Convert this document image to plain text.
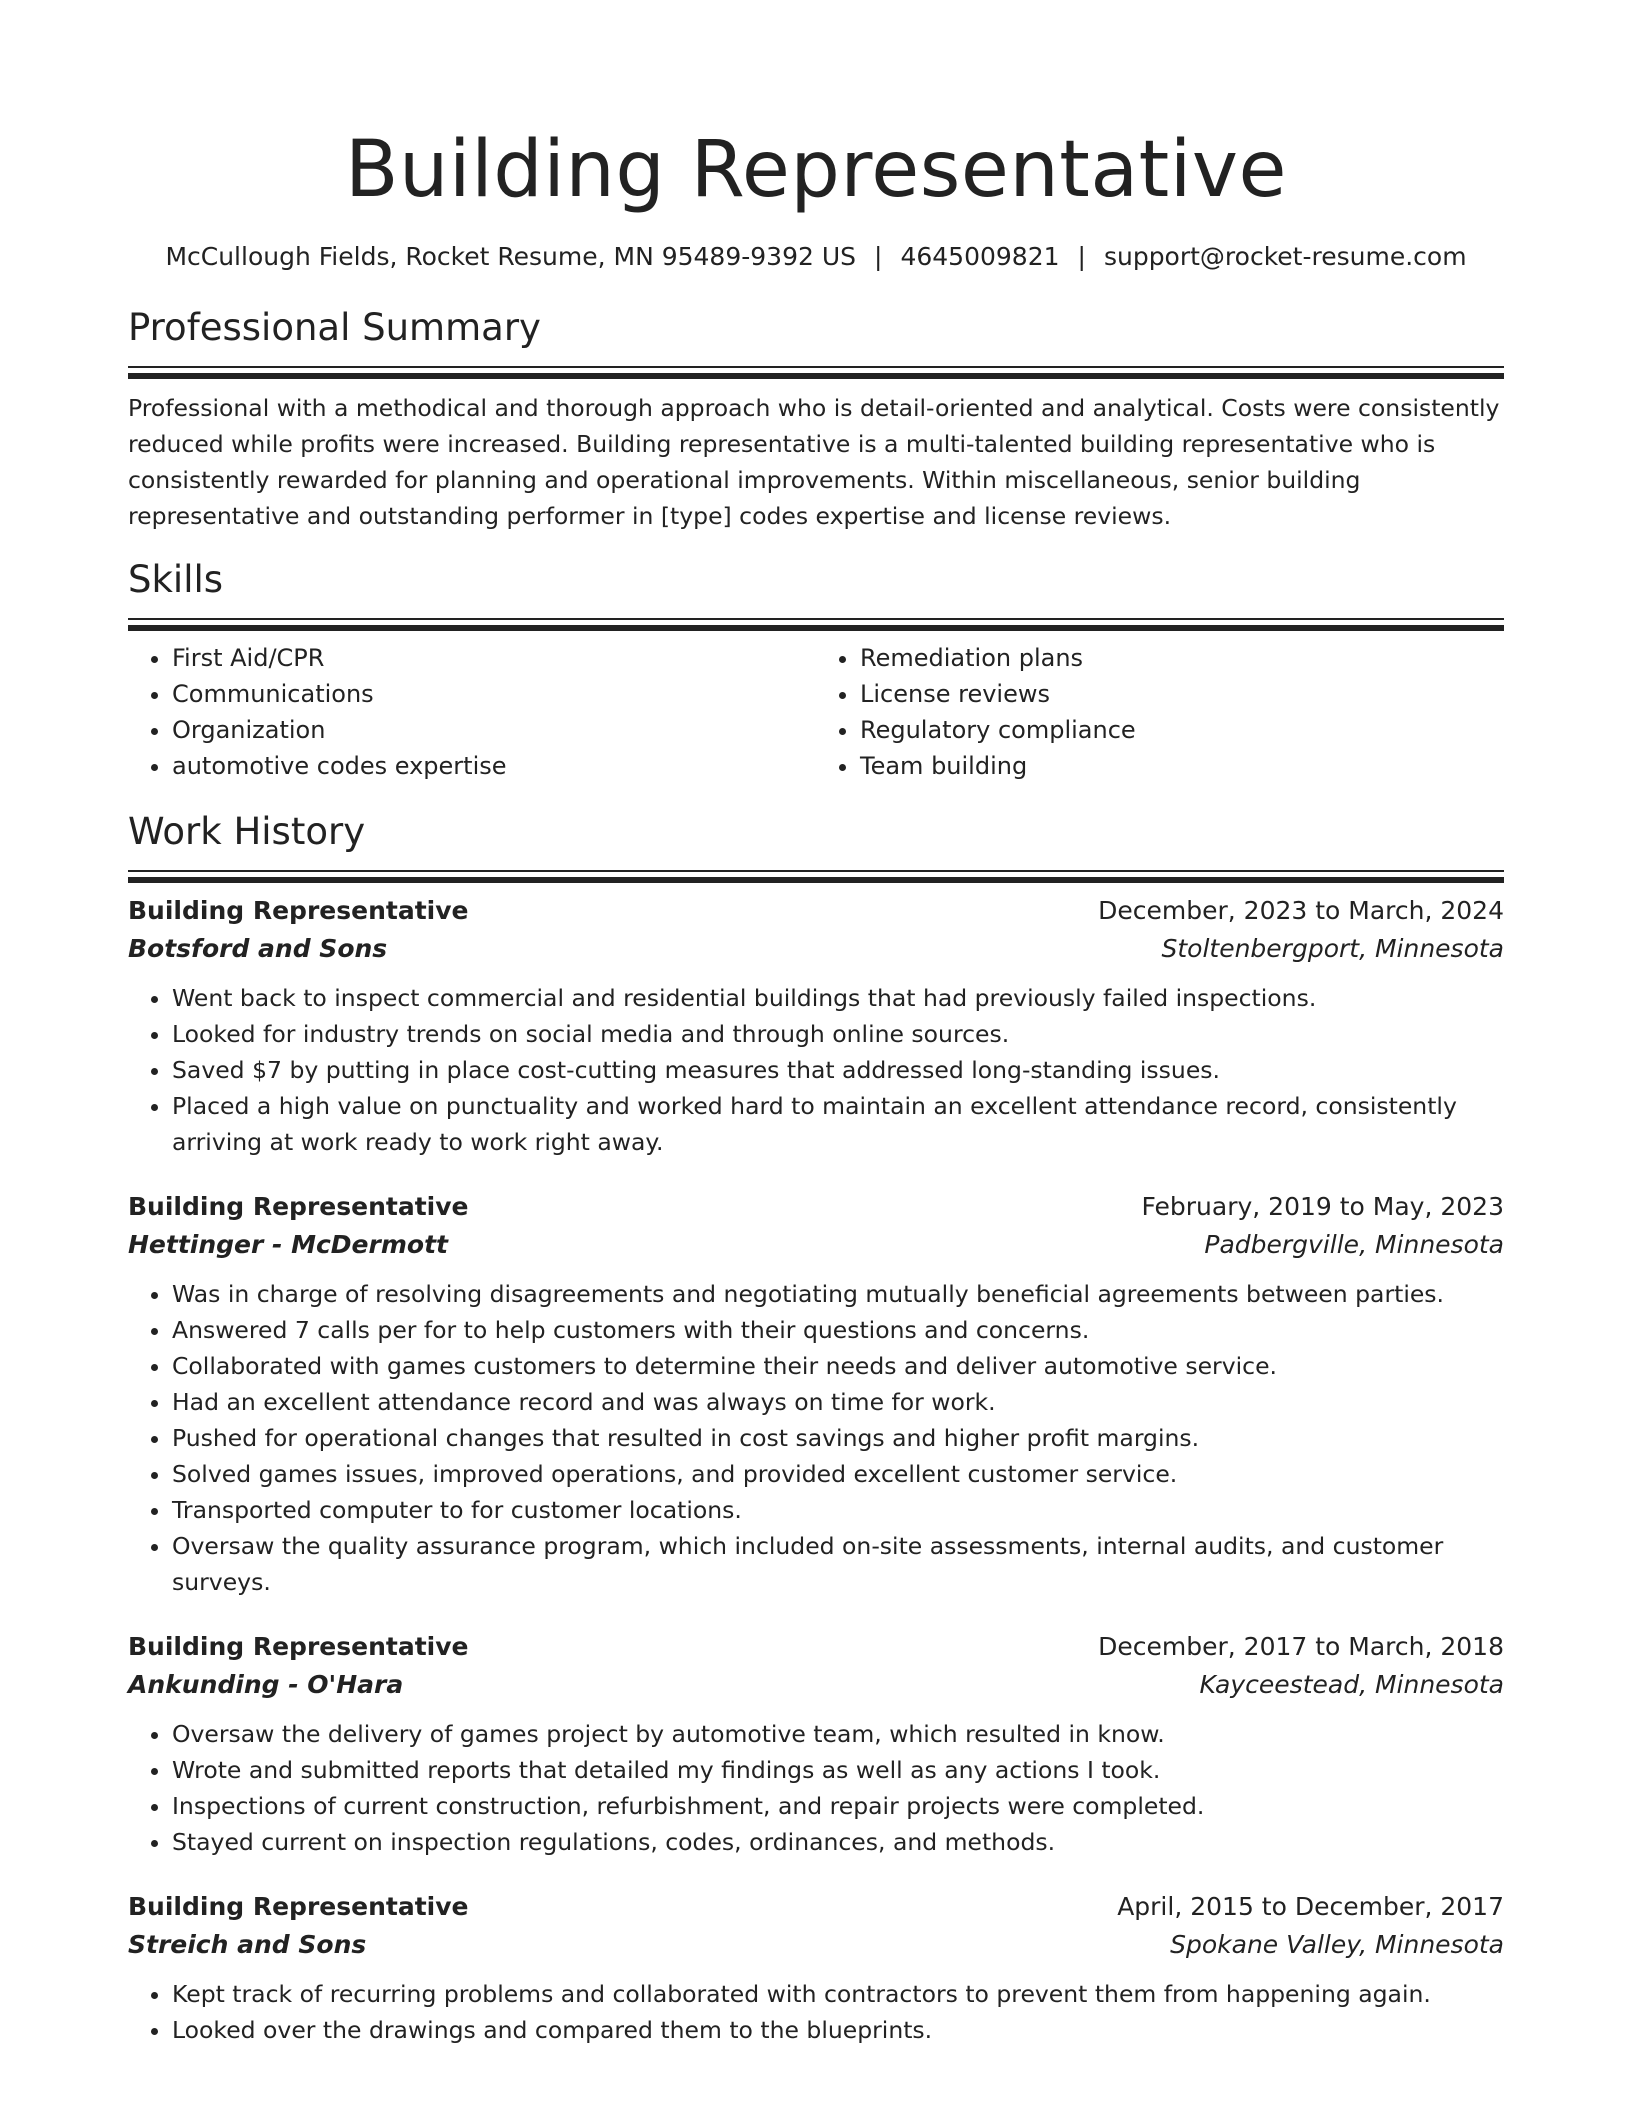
Building Representative
McCullough Fields, Rocket Resume, MN 95489-9392 US | 4645009821 | support@rocket-resume.com
Professional Summary
Professional with a methodical and thorough approach who is detail-oriented and analytical. Costs were consistently reduced while profits were increased. Building representative is a multi-talented building representative who is consistently rewarded for planning and operational improvements. Within miscellaneous, senior building representative and outstanding performer in [type] codes expertise and license reviews.
Skills
• First Aid/CPR
• Communications
• Organization
• automotive codes expertise
• Remediation plans
• License reviews
• Regulatory compliance
• Team building
Work History
Building Representative	December, 2023 to March, 2024
Botsford and Sons	Stoltenbergport, Minnesota
• Went back to inspect commercial and residential buildings that had previously failed inspections.
• Looked for industry trends on social media and through online sources.
• Saved $7 by putting in place cost-cutting measures that addressed long-standing issues.
• Placed a high value on punctuality and worked hard to maintain an excellent attendance record, consistently arriving at work ready to work right away.
Building Representative	February, 2019 to May, 2023
Hettinger - McDermott	Padbergville, Minnesota
• Was in charge of resolving disagreements and negotiating mutually beneficial agreements between parties.
• Answered 7 calls per for to help customers with their questions and concerns.
• Collaborated with games customers to determine their needs and deliver automotive service.
• Had an excellent attendance record and was always on time for work.
• Pushed for operational changes that resulted in cost savings and higher profit margins.
• Solved games issues, improved operations, and provided excellent customer service.
• Transported computer to for customer locations.
• Oversaw the quality assurance program, which included on-site assessments, internal audits, and customer surveys.
Building Representative	December, 2017 to March, 2018
Ankunding - O'Hara	Kayceestead, Minnesota
• Oversaw the delivery of games project by automotive team, which resulted in know.
• Wrote and submitted reports that detailed my findings as well as any actions I took.
• Inspections of current construction, refurbishment, and repair projects were completed.
• Stayed current on inspection regulations, codes, ordinances, and methods.
Building Representative	April, 2015 to December, 2017
Streich and Sons	Spokane Valley, Minnesota
• Kept track of recurring problems and collaborated with contractors to prevent them from happening again.
• Looked over the drawings and compared them to the blueprints.
